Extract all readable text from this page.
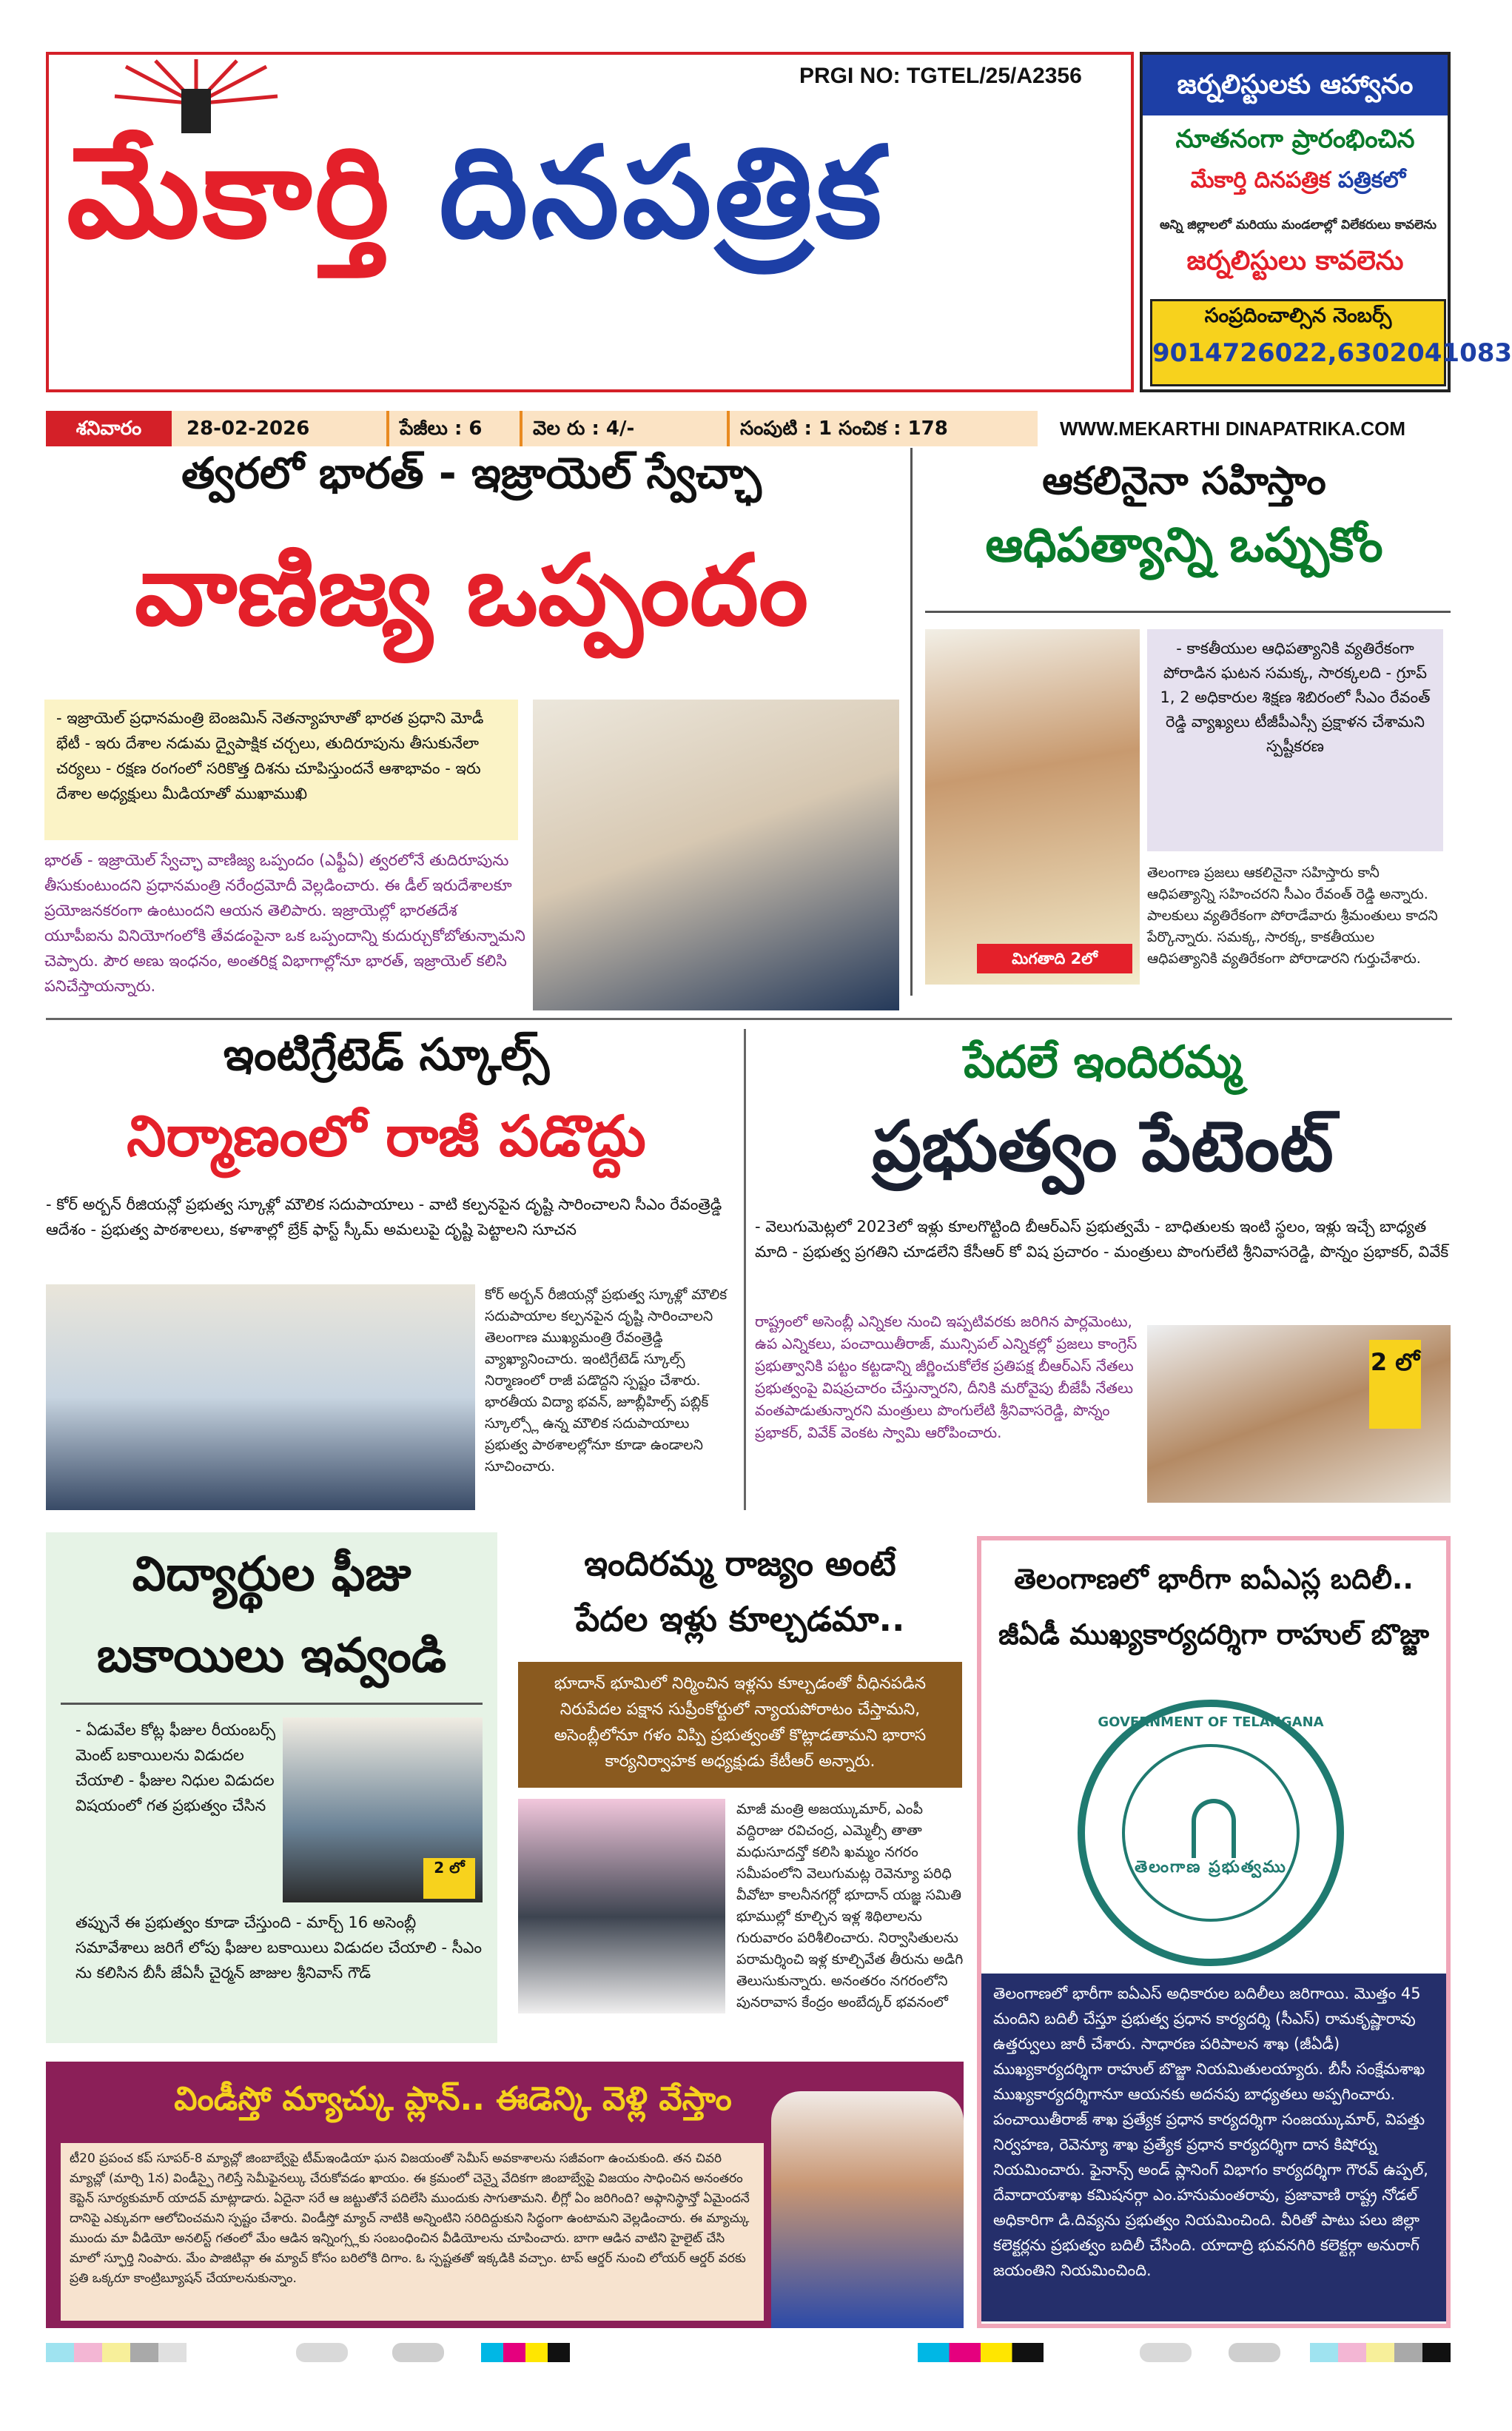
PRGI NO: TGTEL/25/A2356
మేకార్తి దినపత్రిక
జర్నలిస్టులకు ఆహ్వానం
నూతనంగా ప్రారంభించిన
మేకార్తి దినపత్రిక పత్రికలో
అన్ని జిల్లాలలో మరియు మండలాల్లో విలేకరులు కావలెను
జర్నలిస్టులు కావలెను
సంప్రదించాల్సిన నెంబర్స్
9014726022,6302041083
శనివారం	28-02-2026	పేజీలు : 6	వెల రు : 4/-	సంపుటి : 1 సంచిక : 178	WWW.MEKARTHI DINAPATRIKA.COM
త్వరలో భారత్ - ఇజ్రాయెల్ స్వేచ్ఛా
వాణిజ్య ఒప్పందం
- ఇజ్రాయెల్ ప్రధానమంత్రి బెంజమిన్ నెతన్యాహూతో భారత ప్రధాని మోడీ భేటీ - ఇరు దేశాల నడుమ ద్వైపాక్షిక చర్చలు, తుదిరూపును తీసుకునేలా చర్యలు - రక్షణ రంగంలో సరికొత్త దిశను చూపిస్తుందనే ఆశాభావం - ఇరు దేశాల అధ్యక్షులు మీడియాతో ముఖాముఖి
భారత్ - ఇజ్రాయెల్ స్వేచ్ఛా వాణిజ్య ఒప్పందం (ఎఫ్టీఏ) త్వరలోనే తుదిరూపును తీసుకుంటుందని ప్రధానమంత్రి నరేంద్రమోదీ వెల్లడించారు. ఈ డీల్ ఇరుదేశాలకూ ప్రయోజనకరంగా ఉంటుందని ఆయన తెలిపారు. ఇజ్రాయెల్లో భారతదేశ యూపీఐను వినియోగంలోకి తేవడంపైనా ఒక ఒప్పందాన్ని కుదుర్చుకోబోతున్నామని చెప్పారు. పౌర అణు ఇంధనం, అంతరిక్ష విభాగాల్లోనూ భారత్, ఇజ్రాయెల్ కలిసి పనిచేస్తాయన్నారు.
ఆకలినైనా సహిస్తాం
ఆధిపత్యాన్ని ఒప్పుకోం
మిగతాది 2లో
- కాకతీయుల ఆధిపత్యానికి వ్యతిరేకంగా పోరాడిన ఘటన సమక్క, సారక్కలది - గ్రూప్ 1, 2 అధికారుల శిక్షణ శిబిరంలో సీఎం రేవంత్ రెడ్డి వ్యాఖ్యలు టీజీపీఎస్సీ ప్రక్షాళన చేశామని స్పష్టీకరణ
తెలంగాణ ప్రజలు ఆకలినైనా సహిస్తారు కానీ ఆధిపత్యాన్ని సహించరని సీఎం రేవంత్ రెడ్డి అన్నారు. పాలకులు వ్యతిరేకంగా పోరాడేవారు శ్రీమంతులు కాదని పేర్కొన్నారు. సమక్క, సారక్క, కాకతీయుల ఆధిపత్యానికి వ్యతిరేకంగా పోరాడారని గుర్తుచేశారు.
ఇంటిగ్రేటెడ్ స్కూల్స్
నిర్మాణంలో రాజీ పడొద్దు
- కోర్ అర్బన్ రీజియన్లో ప్రభుత్వ స్కూళ్లో మౌలిక సదుపాయాలు - వాటి కల్పనపైన దృష్టి సారించాలని సీఎం రేవంత్రెడ్డి ఆదేశం - ప్రభుత్వ పాఠశాలలు, కళాశాల్లో బ్రేక్ ఫాస్ట్ స్కీమ్ అమలుపై దృష్టి పెట్టాలని సూచన
కోర్ అర్బన్ రీజియన్లో ప్రభుత్వ స్కూళ్లో మౌలిక సదుపాయాల కల్పనపైన దృష్టి సారించాలని తెలంగాణ ముఖ్యమంత్రి రేవంత్రెడ్డి వ్యాఖ్యానించారు. ఇంటిగ్రేటెడ్ స్కూల్స్ నిర్మాణంలో రాజీ పడొద్దని స్పష్టం చేశారు. భారతీయ విద్యా భవన్, జూబ్లీహిల్స్ పబ్లిక్ స్కూల్స్లో ఉన్న మౌలిక సదుపాయాలు ప్రభుత్వ పాఠశాలల్లోనూ కూడా ఉండాలని సూచించారు.
పేదలే ఇందిరమ్మ
ప్రభుత్వం పేటెంట్
- వెలుగుమెట్లలో 2023లో ఇళ్లు కూలగొట్టింది బీఆర్ఎస్ ప్రభుత్వమే - బాధితులకు ఇంటి స్థలం, ఇళ్లు ఇచ్చే బాధ్యత మాది - ప్రభుత్వ ప్రగతిని చూడలేని కేసీఆర్ కో విష ప్రచారం - మంత్రులు పొంగులేటి శ్రీనివాసరెడ్డి, పొన్నం ప్రభాకర్, వివేక్
రాష్ట్రంలో అసెంబ్లీ ఎన్నికల నుంచి ఇప్పటివరకు జరిగిన పార్లమెంటు, ఉప ఎన్నికలు, పంచాయితీరాజ్, మున్సిపల్ ఎన్నికల్లో ప్రజలు కాంగ్రెస్ ప్రభుత్వానికి పట్టం కట్టడాన్ని జీర్ణించుకోలేక ప్రతిపక్ష బీఆర్ఎస్ నేతలు ప్రభుత్వంపై విషప్రచారం చేస్తున్నారని, దీనికి మరోవైపు బీజేపీ నేతలు వంతపాడుతున్నారని మంత్రులు పొంగులేటి శ్రీనివాసరెడ్డి, పొన్నం ప్రభాకర్, వివేక్ వెంకట స్వామి ఆరోపించారు.
2 లో
విద్యార్థుల ఫీజు
బకాయిలు ఇవ్వండి
- ఏడువేల కోట్ల ఫీజుల రీయంబర్స్ మెంట్ బకాయిలను విడుదల చేయాలి - ఫీజుల నిధుల విడుదల విషయంలో గత ప్రభుత్వం చేసిన
2 లో
తప్పునే ఈ ప్రభుత్వం కూడా చేస్తుంది - మార్చ్ 16 అసెంబ్లీ సమావేశాలు జరిగే లోపు ఫీజుల బకాయిలు విడుదల చేయాలి - సీఎం ను కలిసిన బీసీ జేఏసీ చైర్మన్ జాజుల శ్రీనివాస్ గౌడ్
ఇందిరమ్మ రాజ్యం అంటే
పేదల ఇళ్లు కూల్చడమా..
భూదాన్ భూమిలో నిర్మించిన ఇళ్లను కూల్చడంతో వీధినపడిన నిరుపేదల పక్షాన సుప్రీంకోర్టులో న్యాయపోరాటం చేస్తామని, అసెంబ్లీలోనూ గళం విప్పి ప్రభుత్వంతో కొట్లాడతామని భారాస కార్యనిర్వాహక అధ్యక్షుడు కేటీఆర్ అన్నారు.
మాజీ మంత్రి అజయ్కుమార్, ఎంపీ వద్దిరాజు రవిచంద్ర, ఎమ్మెల్సీ తాతా మధుసూదన్తో కలిసి ఖమ్మం నగరం సమీపంలోని వెలుగుమట్ల రెవెన్యూ పరిధి వీవోటా కాలనీనగర్లో భూదాన్ యజ్ఞ సమితి భూముల్లో కూల్చిన ఇళ్ల శిథిలాలను గురువారం పరిశీలించారు. నిర్వాసితులను పరామర్శించి ఇళ్ల కూల్చివేత తీరును అడిగి తెలుసుకున్నారు. అనంతరం నగరంలోని పునరావాస కేంద్రం అంబేద్కర్ భవనంలో
తెలంగాణలో భారీగా ఐఏఎస్ల బదిలీ..
జీఏడీ ముఖ్యకార్యదర్శిగా రాహుల్ బొజ్జా
తెలంగాణ ప్రభుత్వము
GOVERNMENT OF TELANGANA
తెలంగాణలో భారీగా ఐఏఎస్ అధికారుల బదిలీలు జరిగాయి. మొత్తం 45 మందిని బదిలీ చేస్తూ ప్రభుత్వ ప్రధాన కార్యదర్శి (సీఎస్) రామకృష్ణారావు ఉత్తర్వులు జారీ చేశారు. సాధారణ పరిపాలన శాఖ (జీఏడీ) ముఖ్యకార్యదర్శిగా రాహుల్ బొజ్జా నియమితులయ్యారు. బీసీ సంక్షేమశాఖ ముఖ్యకార్యదర్శిగానూ ఆయనకు అదనపు బాధ్యతలు అప్పగించారు. పంచాయితీరాజ్ శాఖ ప్రత్యేక ప్రధాన కార్యదర్శిగా సంజయ్కుమార్, విపత్తు నిర్వహణ, రెవెన్యూ శాఖ ప్రత్యేక ప్రధాన కార్యదర్శిగా దాన కిషోర్ను నియమించారు. ఫైనాన్స్ అండ్ ప్లానింగ్ విభాగం కార్యదర్శిగా గౌరవ్ ఉప్పల్, దేవాదాయశాఖ కమిషనర్గా ఎం.హనుమంతరావు, ప్రజావాణి రాష్ట్ర నోడల్ అధికారిగా డి.దివ్యను ప్రభుత్వం నియమించింది. వీరితో పాటు పలు జిల్లా కలెక్టర్లను ప్రభుత్వం బదిలీ చేసింది. యాదాద్రి భువనగిరి కలెక్టర్గా అనురాగ్ జయంతిని నియమించింది.
విండీస్తో మ్యాచ్కు ప్లాన్.. ఈడెన్కి వెళ్లి వేస్తాం
టీ20 ప్రపంచ కప్ సూపర్-8 మ్యాచ్లో జింబాబ్వేపై టీమ్ఇండియా ఘన విజయంతో సెమీస్ అవకాశాలను సజీవంగా ఉంచుకుంది. తన చివరి మ్యాచ్లో (మార్చి 1న) విండీస్పై గెలిస్తే సెమీఫైనల్కు చేరుకోవడం ఖాయం. ఈ క్రమంలో చెన్నై వేదికగా జింబాబ్వేపై విజయం సాధించిన అనంతరం కెప్టెన్ సూర్యకుమార్ యాదవ్ మాట్లాడారు. ఏదైనా సరే ఆ జట్టుతోనే పదిలేసి ముందుకు సాగుతామని. లీగ్లో ఏం జరిగింది? అఫ్గానిస్థాన్తో ఏమైందనే దానిపై ఎక్కువగా ఆలోచించమని స్పష్టం చేశారు. విండీస్తో మ్యాచ్ నాటికి అన్నింటిని సరిదిద్దుకుని సిద్ధంగా ఉంటామని వెల్లడించారు. ఈ మ్యాచ్కు ముందు మా వీడియో అనలిస్ట్ గతంలో మేం ఆడిన ఇన్నింగ్స్లకు సంబంధించిన వీడియోలను చూపించారు. బాగా ఆడిన వాటిని హైలైట్ చేసి మాలో స్ఫూర్తి నింపారు. మేం పాజిటివ్గా ఈ మ్యాచ్ కోసం బరిలోకి దిగాం. ఓ స్పష్టతతో ఇక్కడికి వచ్చాం. టాప్ ఆర్డర్ నుంచి లోయర్ ఆర్డర్ వరకు ప్రతి ఒక్కరూ కాంట్రిబ్యూషన్ చేయాలనుకున్నాం.
